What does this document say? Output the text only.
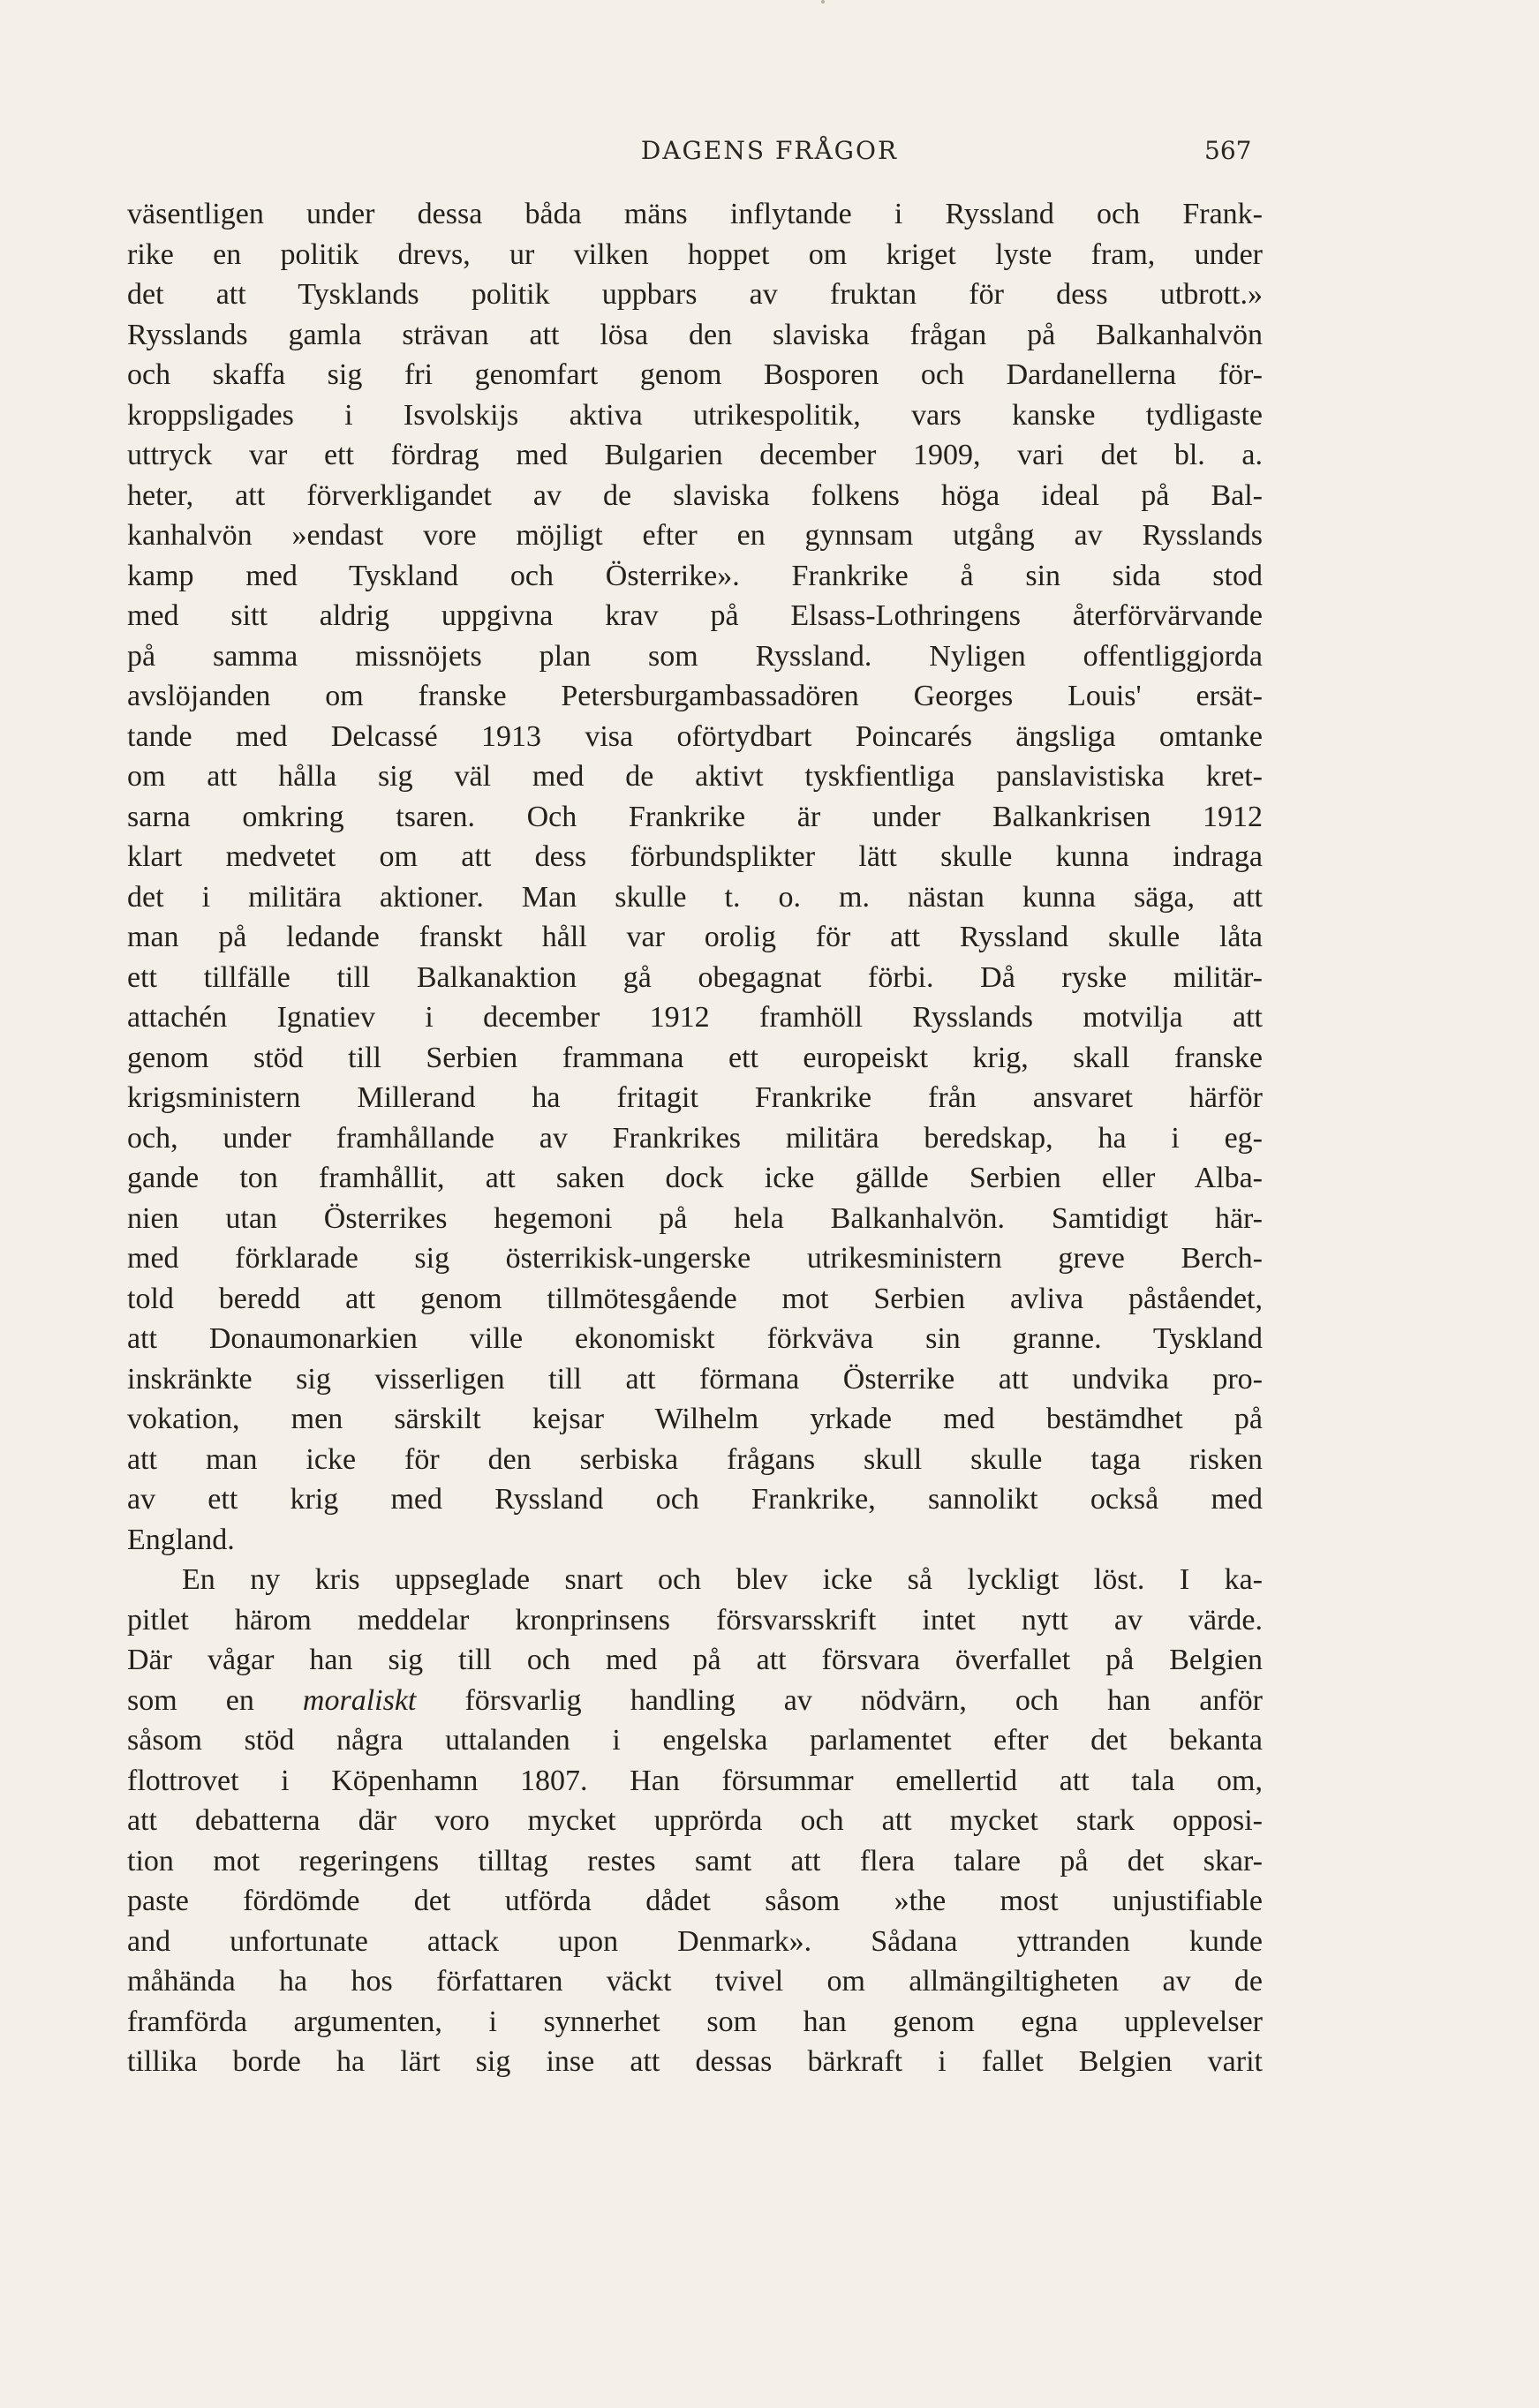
DAGENS FRÅGOR	567
väsentligen under dessa båda mäns inflytande i Ryssland och Frank-
rike en politik drevs, ur vilken hoppet om kriget lyste fram, under
det att Tysklands politik uppbars av fruktan för dess utbrott.»
Rysslands gamla strävan att lösa den slaviska frågan på Balkanhalvön
och skaffa sig fri genomfart genom Bosporen och Dardanellerna för-
kroppsligades i Isvolskijs aktiva utrikespolitik, vars kanske tydligaste
uttryck var ett fördrag med Bulgarien december 1909, vari det bl. a.
heter, att förverkligandet av de slaviska folkens höga ideal på Bal-
kanhalvön »endast vore möjligt efter en gynnsam utgång av Rysslands
kamp med Tyskland och Österrike». Frankrike å sin sida stod
med sitt aldrig uppgivna krav på Elsass-Lothringens återförvärvande
på samma missnöjets plan som Ryssland. Nyligen offentliggjorda
avslöjanden om franske Petersburgambassadören Georges Louis' ersät-
tande med Delcassé 1913 visa oförtydbart Poincarés ängsliga omtanke
om att hålla sig väl med de aktivt tyskfientliga panslavistiska kret-
sarna omkring tsaren. Och Frankrike är under Balkankrisen 1912
klart medvetet om att dess förbundsplikter lätt skulle kunna indraga
det i militära aktioner. Man skulle t. o. m. nästan kunna säga, att
man på ledande franskt håll var orolig för att Ryssland skulle låta
ett tillfälle till Balkanaktion gå obegagnat förbi. Då ryske militär-
attachén Ignatiev i december 1912 framhöll Rysslands motvilja att
genom stöd till Serbien frammana ett europeiskt krig, skall franske
krigsministern Millerand ha fritagit Frankrike från ansvaret härför
och, under framhållande av Frankrikes militära beredskap, ha i eg-
gande ton framhållit, att saken dock icke gällde Serbien eller Alba-
nien utan Österrikes hegemoni på hela Balkanhalvön. Samtidigt här-
med förklarade sig österrikisk-ungerske utrikesministern greve Berch-
told beredd att genom tillmötesgående mot Serbien avliva påståendet,
att Donaumonarkien ville ekonomiskt förkväva sin granne. Tyskland
inskränkte sig visserligen till att förmana Österrike att undvika pro-
vokation, men särskilt kejsar Wilhelm yrkade med bestämdhet på
att man icke för den serbiska frågans skull skulle taga risken
av ett krig med Ryssland och Frankrike, sannolikt också med
England.
En ny kris uppseglade snart och blev icke så lyckligt löst. I ka-
pitlet härom meddelar kronprinsens försvarsskrift intet nytt av värde.
Där vågar han sig till och med på att försvara överfallet på Belgien
som en moraliskt försvarlig handling av nödvärn, och han anför
såsom stöd några uttalanden i engelska parlamentet efter det bekanta
flottrovet i Köpenhamn 1807. Han försummar emellertid att tala om,
att debatterna där voro mycket upprörda och att mycket stark opposi-
tion mot regeringens tilltag restes samt att flera talare på det skar-
paste fördömde det utförda dådet såsom »the most unjustifiable
and unfortunate attack upon Denmark». Sådana yttranden kunde
måhända ha hos författaren väckt tvivel om allmängiltigheten av de
framförda argumenten, i synnerhet som han genom egna upplevelser
tillika borde ha lärt sig inse att dessas bärkraft i fallet Belgien varit
